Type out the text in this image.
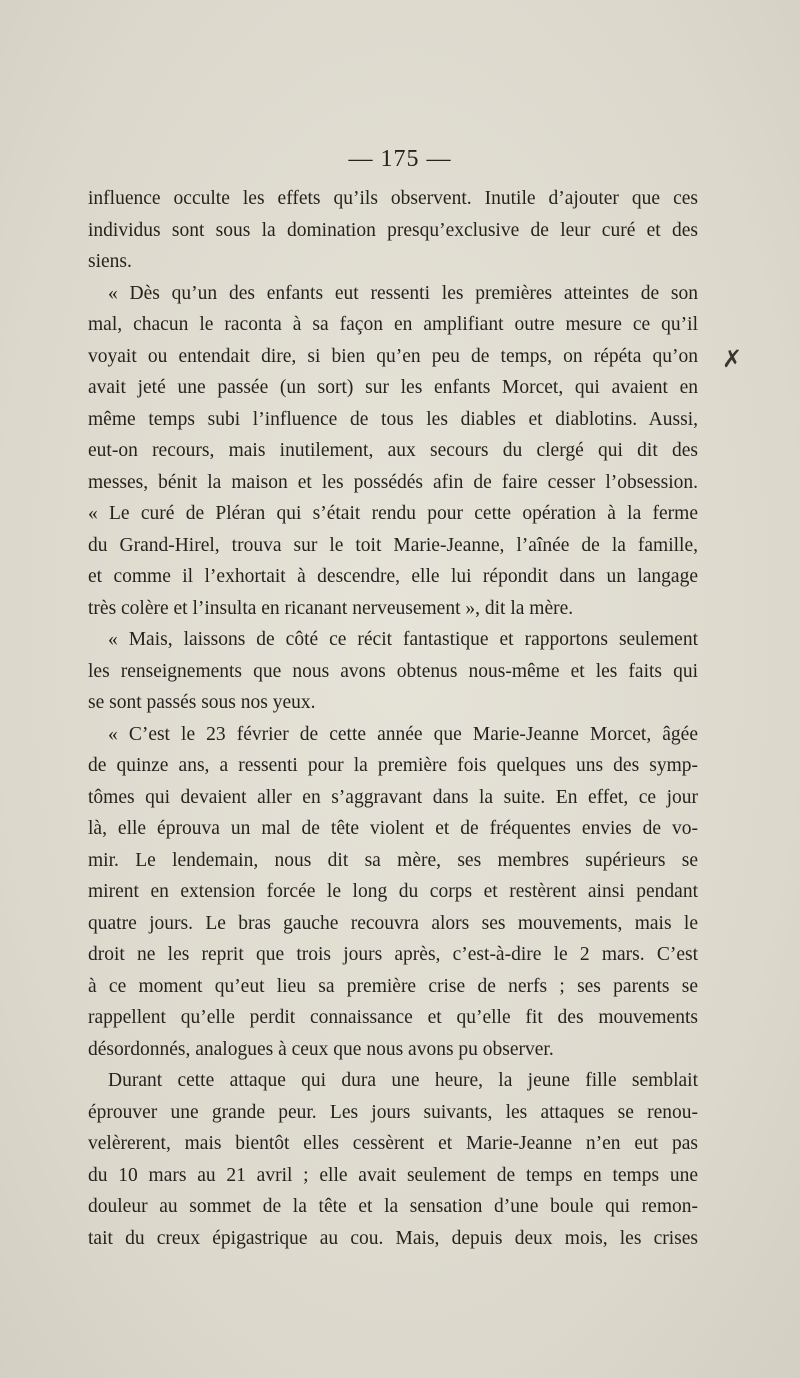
— 175 —
✗
influence occulte les effets qu’ils observent. Inutile d’ajouter que ces
individus sont sous la domination presqu’exclusive de leur curé et des
siens.
« Dès qu’un des enfants eut ressenti les premières atteintes de son
mal, chacun le raconta à sa façon en amplifiant outre mesure ce qu’il
voyait ou entendait dire, si bien qu’en peu de temps, on répéta qu’on
avait jeté une passée (un sort) sur les enfants Morcet, qui avaient en
même temps subi l’influence de tous les diables et diablotins. Aussi,
eut-on recours, mais inutilement, aux secours du clergé qui dit des
messes, bénit la maison et les possédés afin de faire cesser l’obsession.
« Le curé de Pléran qui s’était rendu pour cette opération à la ferme
du Grand-Hirel, trouva sur le toit Marie-Jeanne, l’aînée de la famille,
et comme il l’exhortait à descendre, elle lui répondit dans un langage
très colère et l’insulta en ricanant nerveusement », dit la mère.
« Mais, laissons de côté ce récit fantastique et rapportons seulement
les renseignements que nous avons obtenus nous-même et les faits qui
se sont passés sous nos yeux.
« C’est le 23 février de cette année que Marie-Jeanne Morcet, âgée
de quinze ans, a ressenti pour la première fois quelques uns des symp-
tômes qui devaient aller en s’aggravant dans la suite. En effet, ce jour
là, elle éprouva un mal de tête violent et de fréquentes envies de vo-
mir. Le lendemain, nous dit sa mère, ses membres supérieurs se
mirent en extension forcée le long du corps et restèrent ainsi pendant
quatre jours. Le bras gauche recouvra alors ses mouvements, mais le
droit ne les reprit que trois jours après, c’est-à-dire le 2 mars. C’est
à ce moment qu’eut lieu sa première crise de nerfs ; ses parents se
rappellent qu’elle perdit connaissance et qu’elle fit des mouvements
désordonnés, analogues à ceux que nous avons pu observer.
Durant cette attaque qui dura une heure, la jeune fille semblait
éprouver une grande peur. Les jours suivants, les attaques se renou-
velèrerent, mais bientôt elles cessèrent et Marie-Jeanne n’en eut pas
du 10 mars au 21 avril ; elle avait seulement de temps en temps une
douleur au sommet de la tête et la sensation d’une boule qui remon-
tait du creux épigastrique au cou. Mais, depuis deux mois, les crises
